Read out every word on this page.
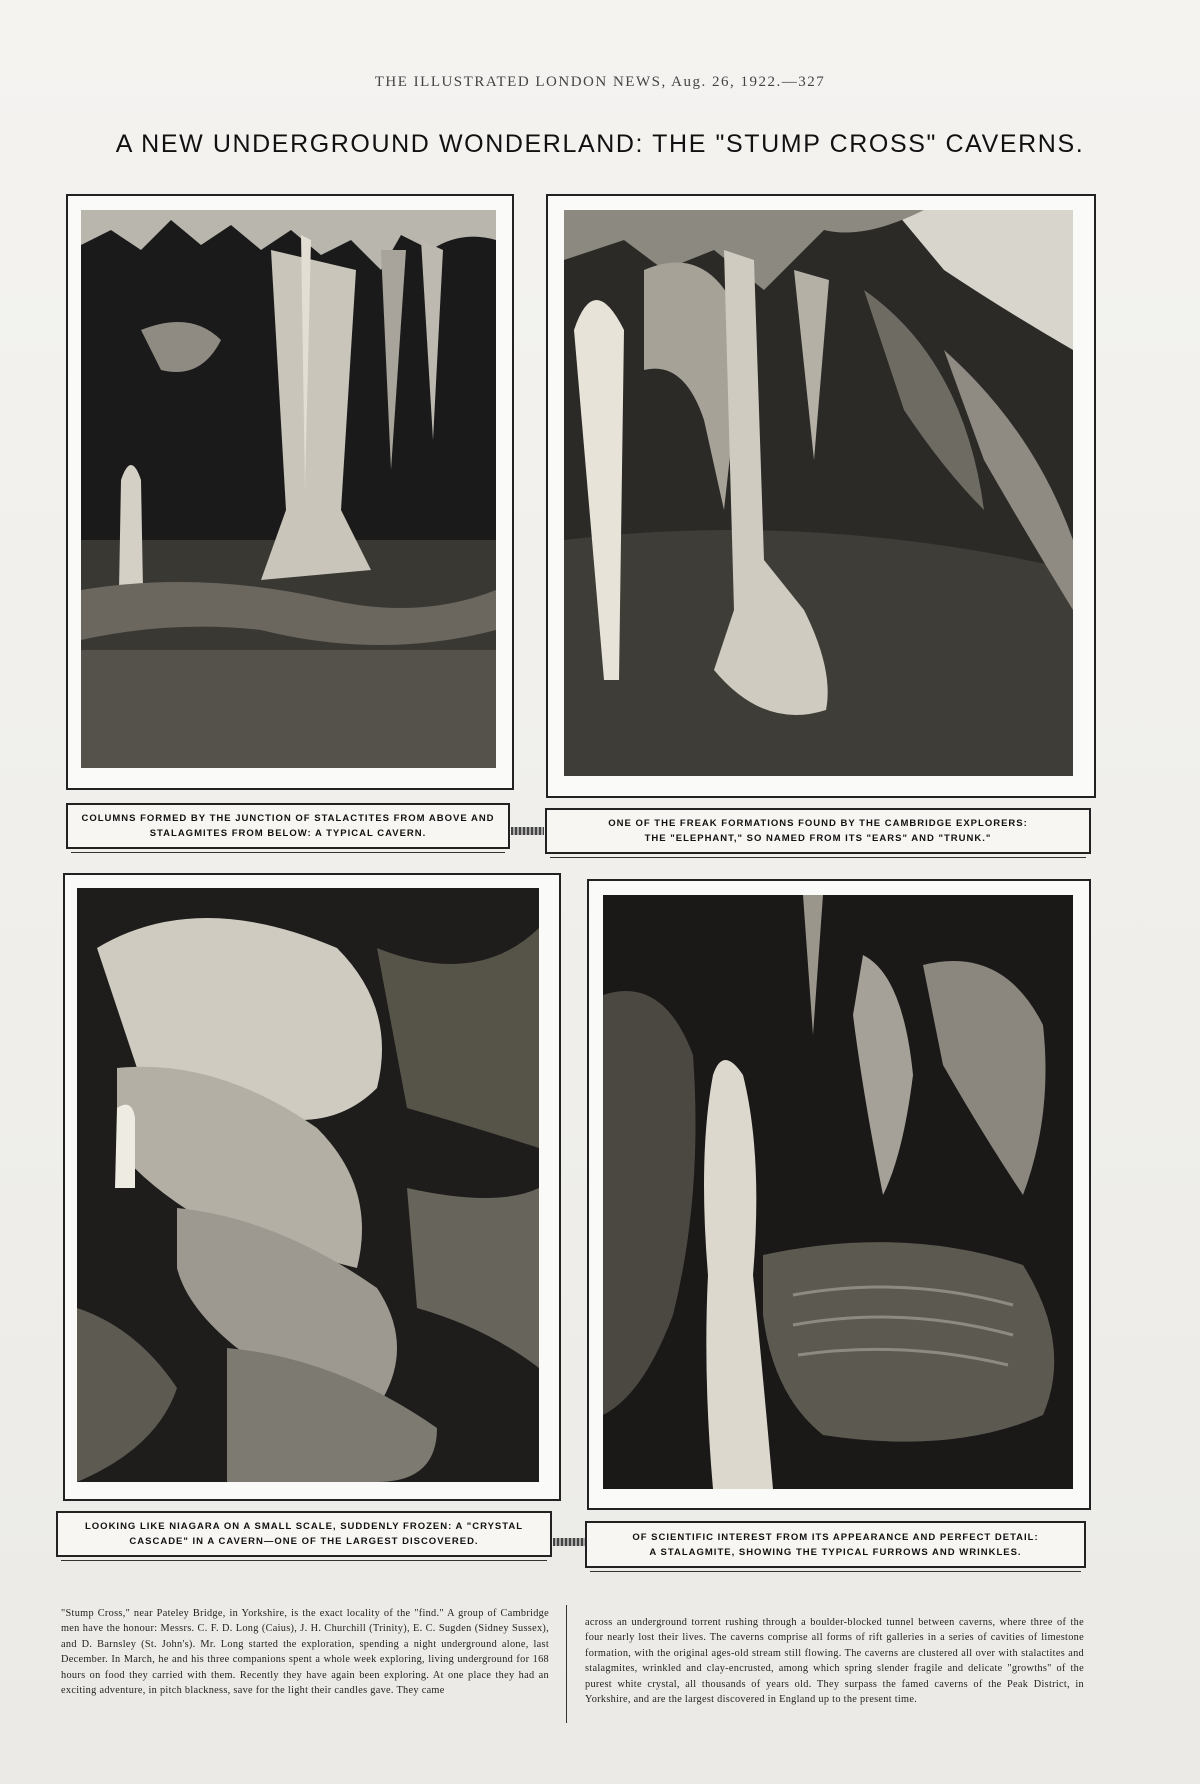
THE ILLUSTRATED LONDON NEWS, Aug. 26, 1922.—327
A NEW UNDERGROUND WONDERLAND: THE "STUMP CROSS" CAVERNS.
COLUMNS FORMED BY THE JUNCTION OF STALACTITES FROM ABOVE AND
STALAGMITES FROM BELOW: A TYPICAL CAVERN.
ONE OF THE FREAK FORMATIONS FOUND BY THE CAMBRIDGE EXPLORERS:
THE "ELEPHANT," SO NAMED FROM ITS "EARS" AND "TRUNK."
LOOKING LIKE NIAGARA ON A SMALL SCALE, SUDDENLY FROZEN: A "CRYSTAL
CASCADE" IN A CAVERN—ONE OF THE LARGEST DISCOVERED.	OF SCIENTIFIC INTEREST FROM ITS APPEARANCE AND PERFECT DETAIL:
A STALAGMITE, SHOWING THE TYPICAL FURROWS AND WRINKLES.
"Stump Cross," near Pateley Bridge, in Yorkshire, is the exact locality of the "find." A group of Cambridge men have the honour: Messrs. C. F. D. Long (Caius), J. H. Churchill (Trinity), E. C. Sugden (Sidney Sussex), and D. Barnsley (St. John's). Mr. Long started the exploration, spending a night underground alone, last December. In March, he and his three companions spent a whole week exploring, living underground for 168 hours on food they carried with them. Recently they have again been exploring. At one place they had an exciting adventure, in pitch blackness, save for the light their candles gave. They came
across an underground torrent rushing through a boulder-blocked tunnel between caverns, where three of the four nearly lost their lives. The caverns comprise all forms of rift galleries in a series of cavities of limestone formation, with the original ages-old stream still flowing. The caverns are clustered all over with stalactites and stalagmites, wrinkled and clay-encrusted, among which spring slender fragile and delicate "growths" of the purest white crystal, all thousands of years old. They surpass the famed caverns of the Peak District, in Yorkshire, and are the largest discovered in England up to the present time.
